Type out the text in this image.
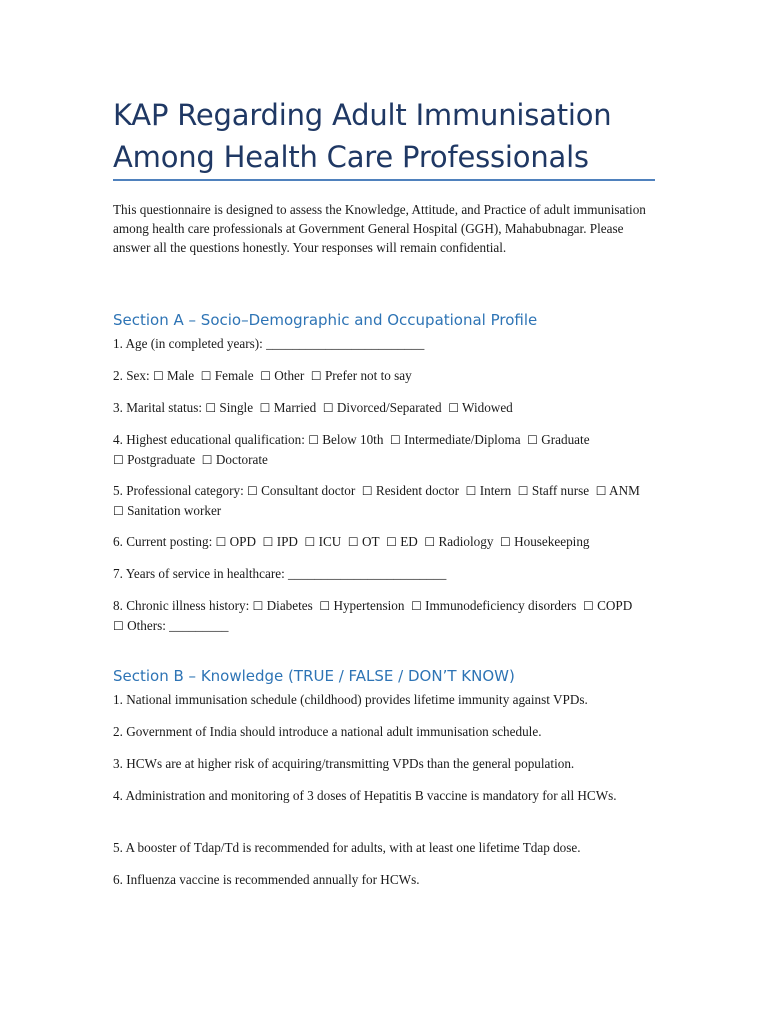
KAP Regarding Adult Immunisation Among Health Care Professionals

This questionnaire is designed to assess the Knowledge, Attitude, and Practice of adult immunisation among health care professionals at Government General Hospital (GGH), Mahabubnagar. Please answer all the questions honestly. Your responses will remain confidential.

Section A – Socio–Demographic and Occupational Profile

1. Age (in completed years): ________________________

2. Sex: ☐ Male ☐ Female ☐ Other ☐ Prefer not to say

3. Marital status: ☐ Single ☐ Married ☐ Divorced/Separated ☐ Widowed

4. Highest educational qualification: ☐ Below 10th ☐ Intermediate/Diploma ☐ Graduate  ☐ Postgraduate ☐ Doctorate

5. Professional category: ☐ Consultant doctor ☐ Resident doctor ☐ Intern ☐ Staff nurse ☐ ANM  ☐ Sanitation worker

6. Current posting: ☐ OPD ☐ IPD ☐ ICU ☐ OT ☐ ED ☐ Radiology ☐ Housekeeping

7. Years of service in healthcare: ________________________

8. Chronic illness history: ☐ Diabetes ☐ Hypertension ☐ Immunodeficiency disorders ☐ COPD  ☐ Others: _________

Section B – Knowledge (TRUE / FALSE / DON’T KNOW)

1. National immunisation schedule (childhood) provides lifetime immunity against VPDs.

2. Government of India should introduce a national adult immunisation schedule.

3. HCWs are at higher risk of acquiring/transmitting VPDs than the general population.

4. Administration and monitoring of 3 doses of Hepatitis B vaccine is mandatory for all HCWs.

5. A booster of Tdap/Td is recommended for adults, with at least one lifetime Tdap dose.

6. Influenza vaccine is recommended annually for HCWs.
